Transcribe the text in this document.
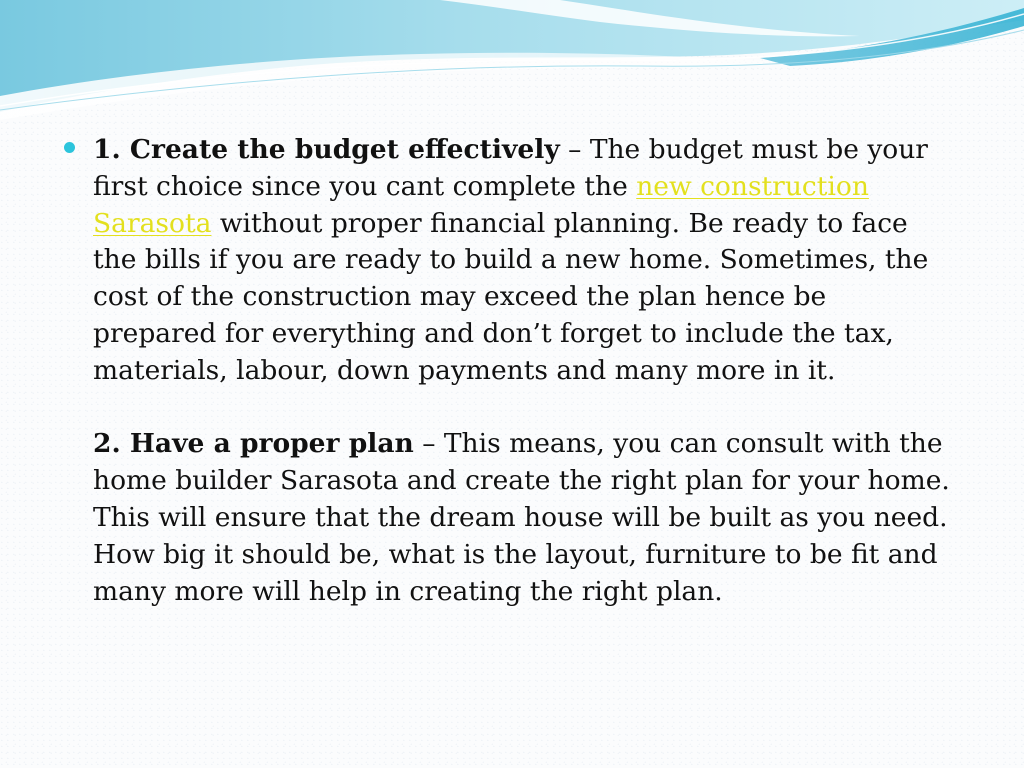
1. Create the budget effectively – The budget must be your first choice since you cant complete the new construction Sarasota without proper financial planning. Be ready to face the bills if you are ready to build a new home. Sometimes, the cost of the construction may exceed the plan hence be prepared for everything and don’t forget to include the tax, materials, labour, down payments and many more in it.

2. Have a proper plan – This means, you can consult with the home builder Sarasota and create the right plan for your home. This will ensure that the dream house will be built as you need. How big it should be, what is the layout, furniture to be fit and many more will help in creating the right plan.
